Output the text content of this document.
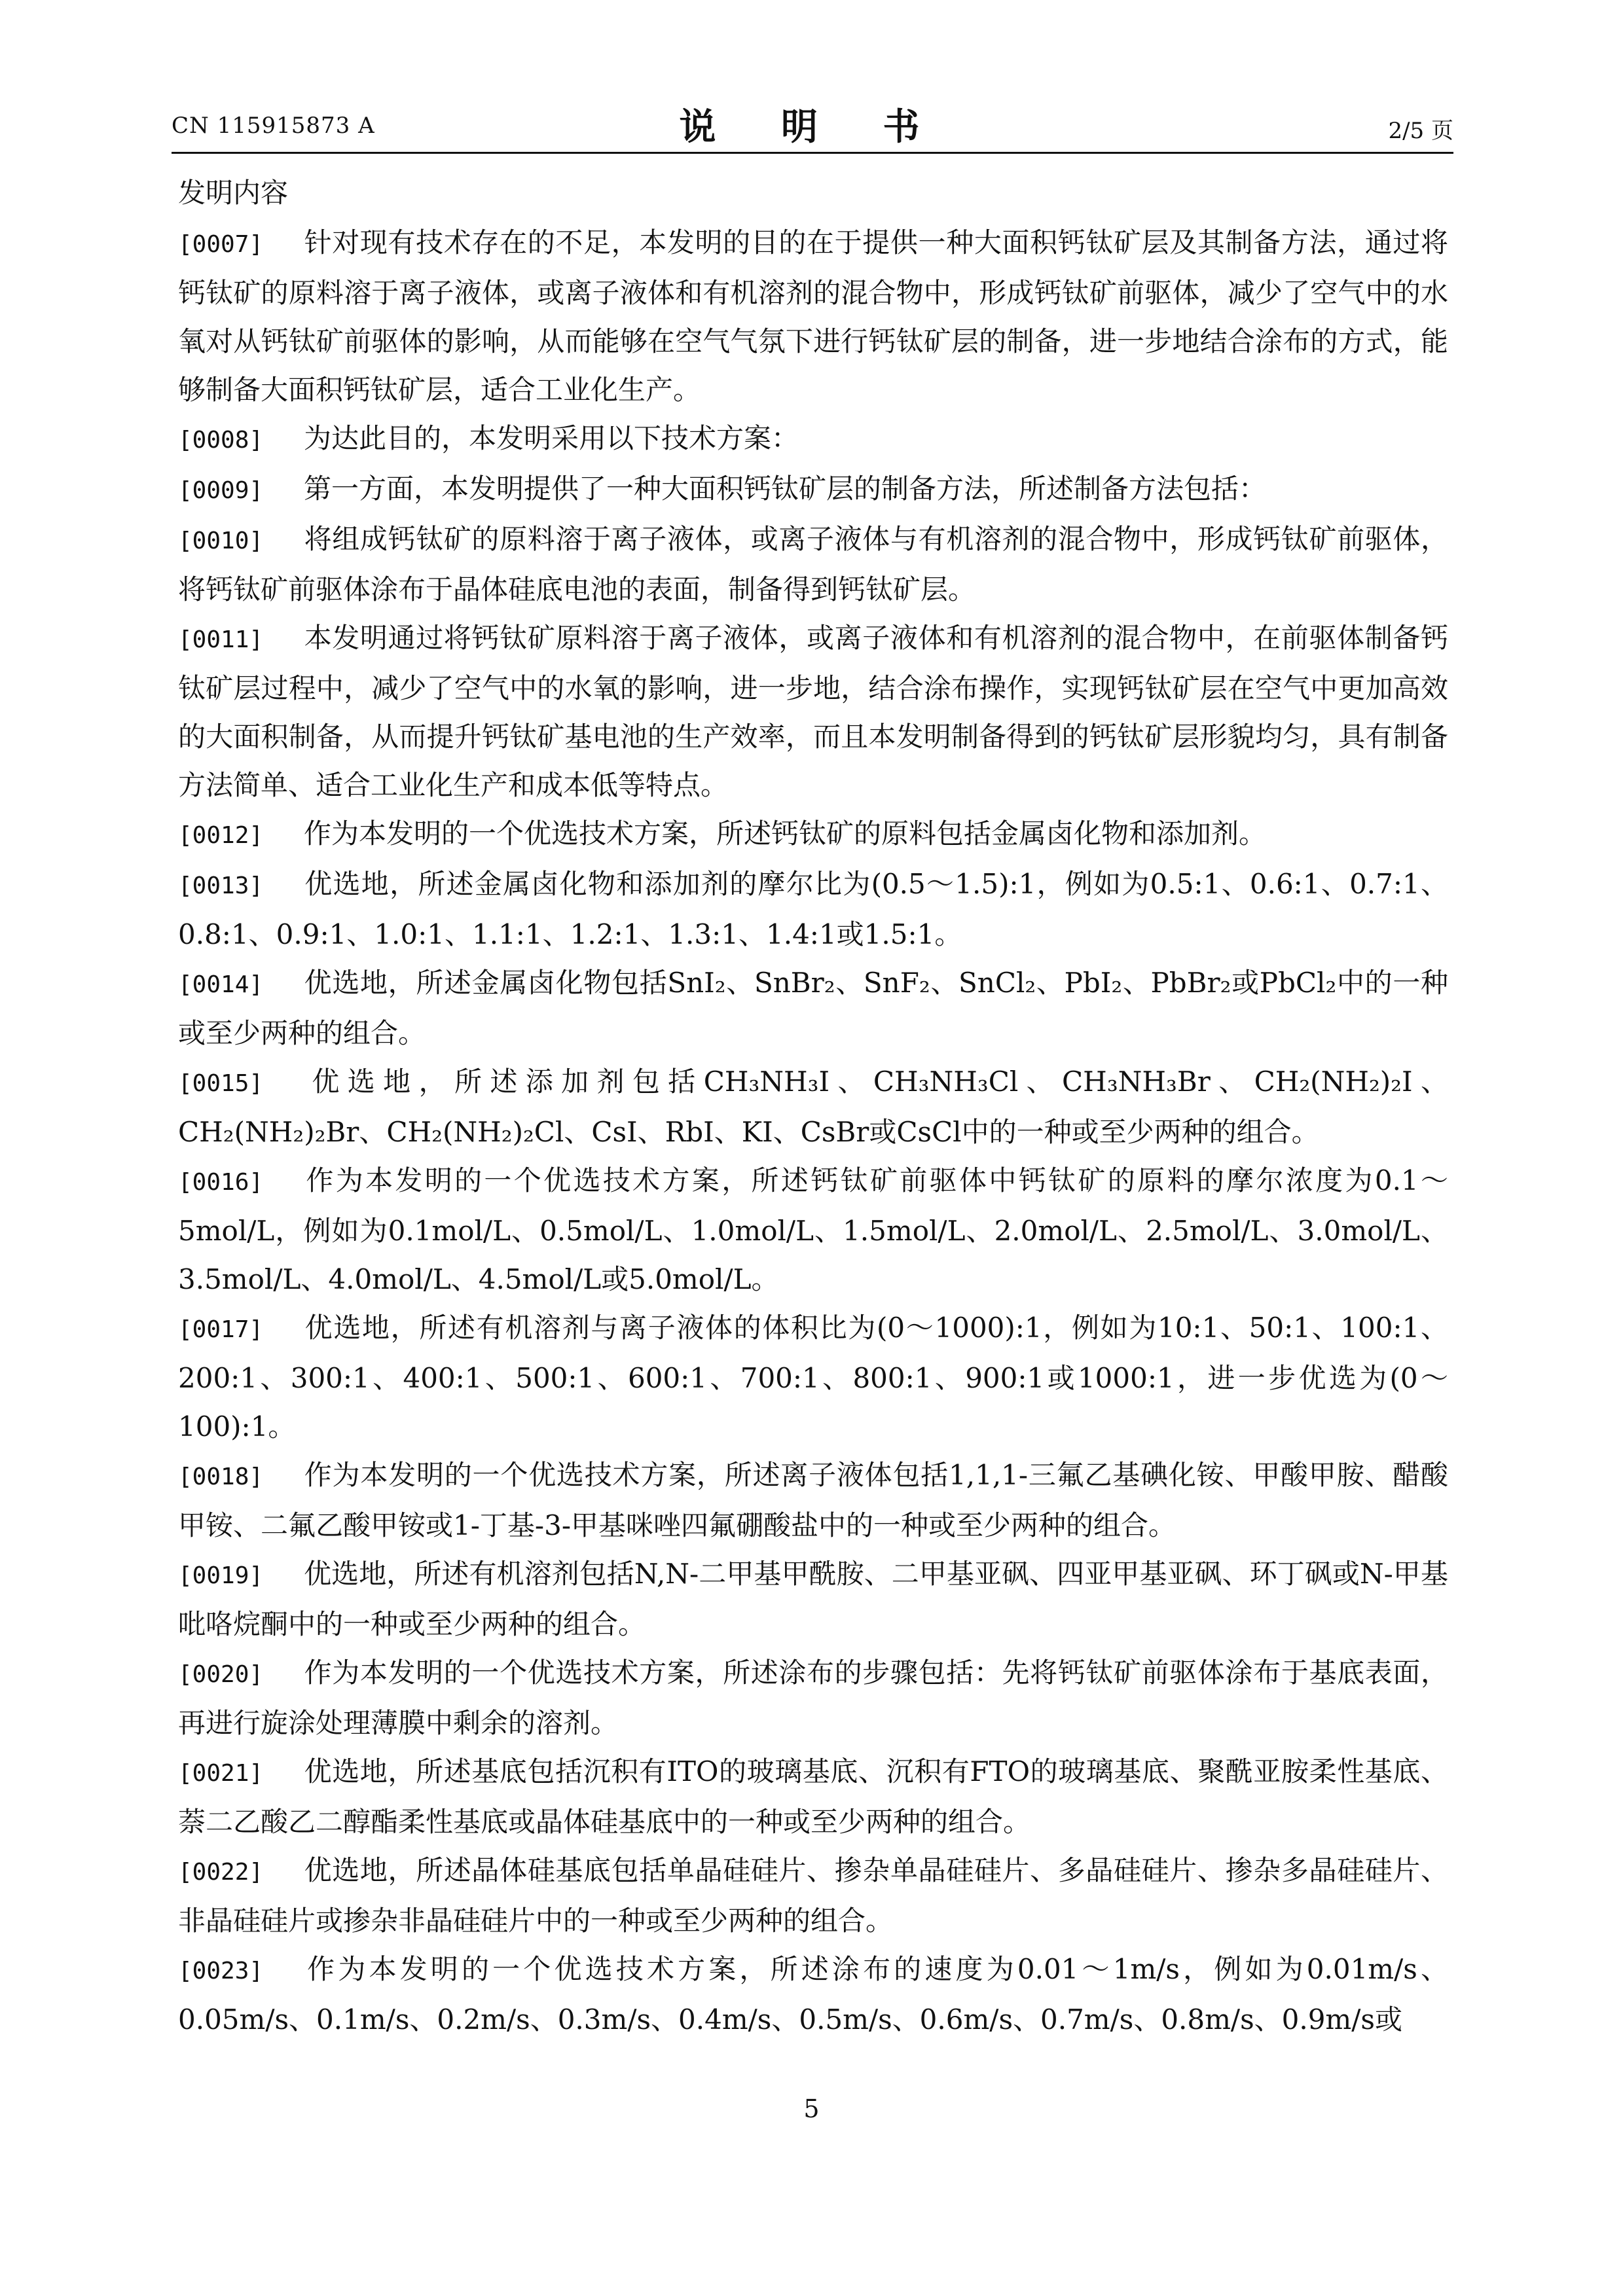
CN 115915873 A	说 明 书	2/5 页
发明内容
[0007] 针对现有技术存在的不足，本发明的目的在于提供一种大面积钙钛矿层及其制备方法，通过将钙钛矿的原料溶于离子液体，或离子液体和有机溶剂的混合物中，形成钙钛矿前驱体，减少了空气中的水氧对从钙钛矿前驱体的影响，从而能够在空气气氛下进行钙钛矿层的制备，进一步地结合涂布的方式，能够制备大面积钙钛矿层，适合工业化生产。
[0008] 为达此目的，本发明采用以下技术方案：
[0009] 第一方面，本发明提供了一种大面积钙钛矿层的制备方法，所述制备方法包括：
[0010] 将组成钙钛矿的原料溶于离子液体，或离子液体与有机溶剂的混合物中，形成钙钛矿前驱体，将钙钛矿前驱体涂布于晶体硅底电池的表面，制备得到钙钛矿层。
[0011] 本发明通过将钙钛矿原料溶于离子液体，或离子液体和有机溶剂的混合物中，在前驱体制备钙钛矿层过程中，减少了空气中的水氧的影响，进一步地，结合涂布操作，实现钙钛矿层在空气中更加高效的大面积制备，从而提升钙钛矿基电池的生产效率，而且本发明制备得到的钙钛矿层形貌均匀，具有制备方法简单、适合工业化生产和成本低等特点。
[0012] 作为本发明的一个优选技术方案，所述钙钛矿的原料包括金属卤化物和添加剂。
[0013] 优选地，所述金属卤化物和添加剂的摩尔比为(0.5～1.5):1，例如为0.5:1、0.6:1、0.7:1、0.8:1、0.9:1、1.0:1、1.1:1、1.2:1、1.3:1、1.4:1或1.5:1。
[0014] 优选地，所述金属卤化物包括SnI₂、SnBr₂、SnF₂、SnCl₂、PbI₂、PbBr₂或PbCl₂中的一种或至少两种的组合。
[0015] 优选地，所述添加剂包括CH₃NH₃I、CH₃NH₃Cl、CH₃NH₃Br、CH₂(NH₂)₂I、CH₂(NH₂)₂Br、CH₂(NH₂)₂Cl、CsI、RbI、KI、CsBr或CsCl中的一种或至少两种的组合。
[0016] 作为本发明的一个优选技术方案，所述钙钛矿前驱体中钙钛矿的原料的摩尔浓度为0.1～5mol/L，例如为0.1mol/L、0.5mol/L、1.0mol/L、1.5mol/L、2.0mol/L、2.5mol/L、3.0mol/L、3.5mol/L、4.0mol/L、4.5mol/L或5.0mol/L。
[0017] 优选地，所述有机溶剂与离子液体的体积比为(0～1000):1，例如为10:1、50:1、100:1、200:1、300:1、400:1、500:1、600:1、700:1、800:1、900:1或1000:1，进一步优选为(0～100):1。
[0018] 作为本发明的一个优选技术方案，所述离子液体包括1,1,1-三氟乙基碘化铵、甲酸甲胺、醋酸甲铵、二氟乙酸甲铵或1-丁基-3-甲基咪唑四氟硼酸盐中的一种或至少两种的组合。
[0019] 优选地，所述有机溶剂包括N,N-二甲基甲酰胺、二甲基亚砜、四亚甲基亚砜、环丁砜或N-甲基吡咯烷酮中的一种或至少两种的组合。
[0020] 作为本发明的一个优选技术方案，所述涂布的步骤包括：先将钙钛矿前驱体涂布于基底表面，再进行旋涂处理薄膜中剩余的溶剂。
[0021] 优选地，所述基底包括沉积有ITO的玻璃基底、沉积有FTO的玻璃基底、聚酰亚胺柔性基底、萘二乙酸乙二醇酯柔性基底或晶体硅基底中的一种或至少两种的组合。
[0022] 优选地，所述晶体硅基底包括单晶硅硅片、掺杂单晶硅硅片、多晶硅硅片、掺杂多晶硅硅片、非晶硅硅片或掺杂非晶硅硅片中的一种或至少两种的组合。
[0023] 作为本发明的一个优选技术方案，所述涂布的速度为0.01～1m/s，例如为0.01m/s、0.05m/s、0.1m/s、0.2m/s、0.3m/s、0.4m/s、0.5m/s、0.6m/s、0.7m/s、0.8m/s、0.9m/s或
5
